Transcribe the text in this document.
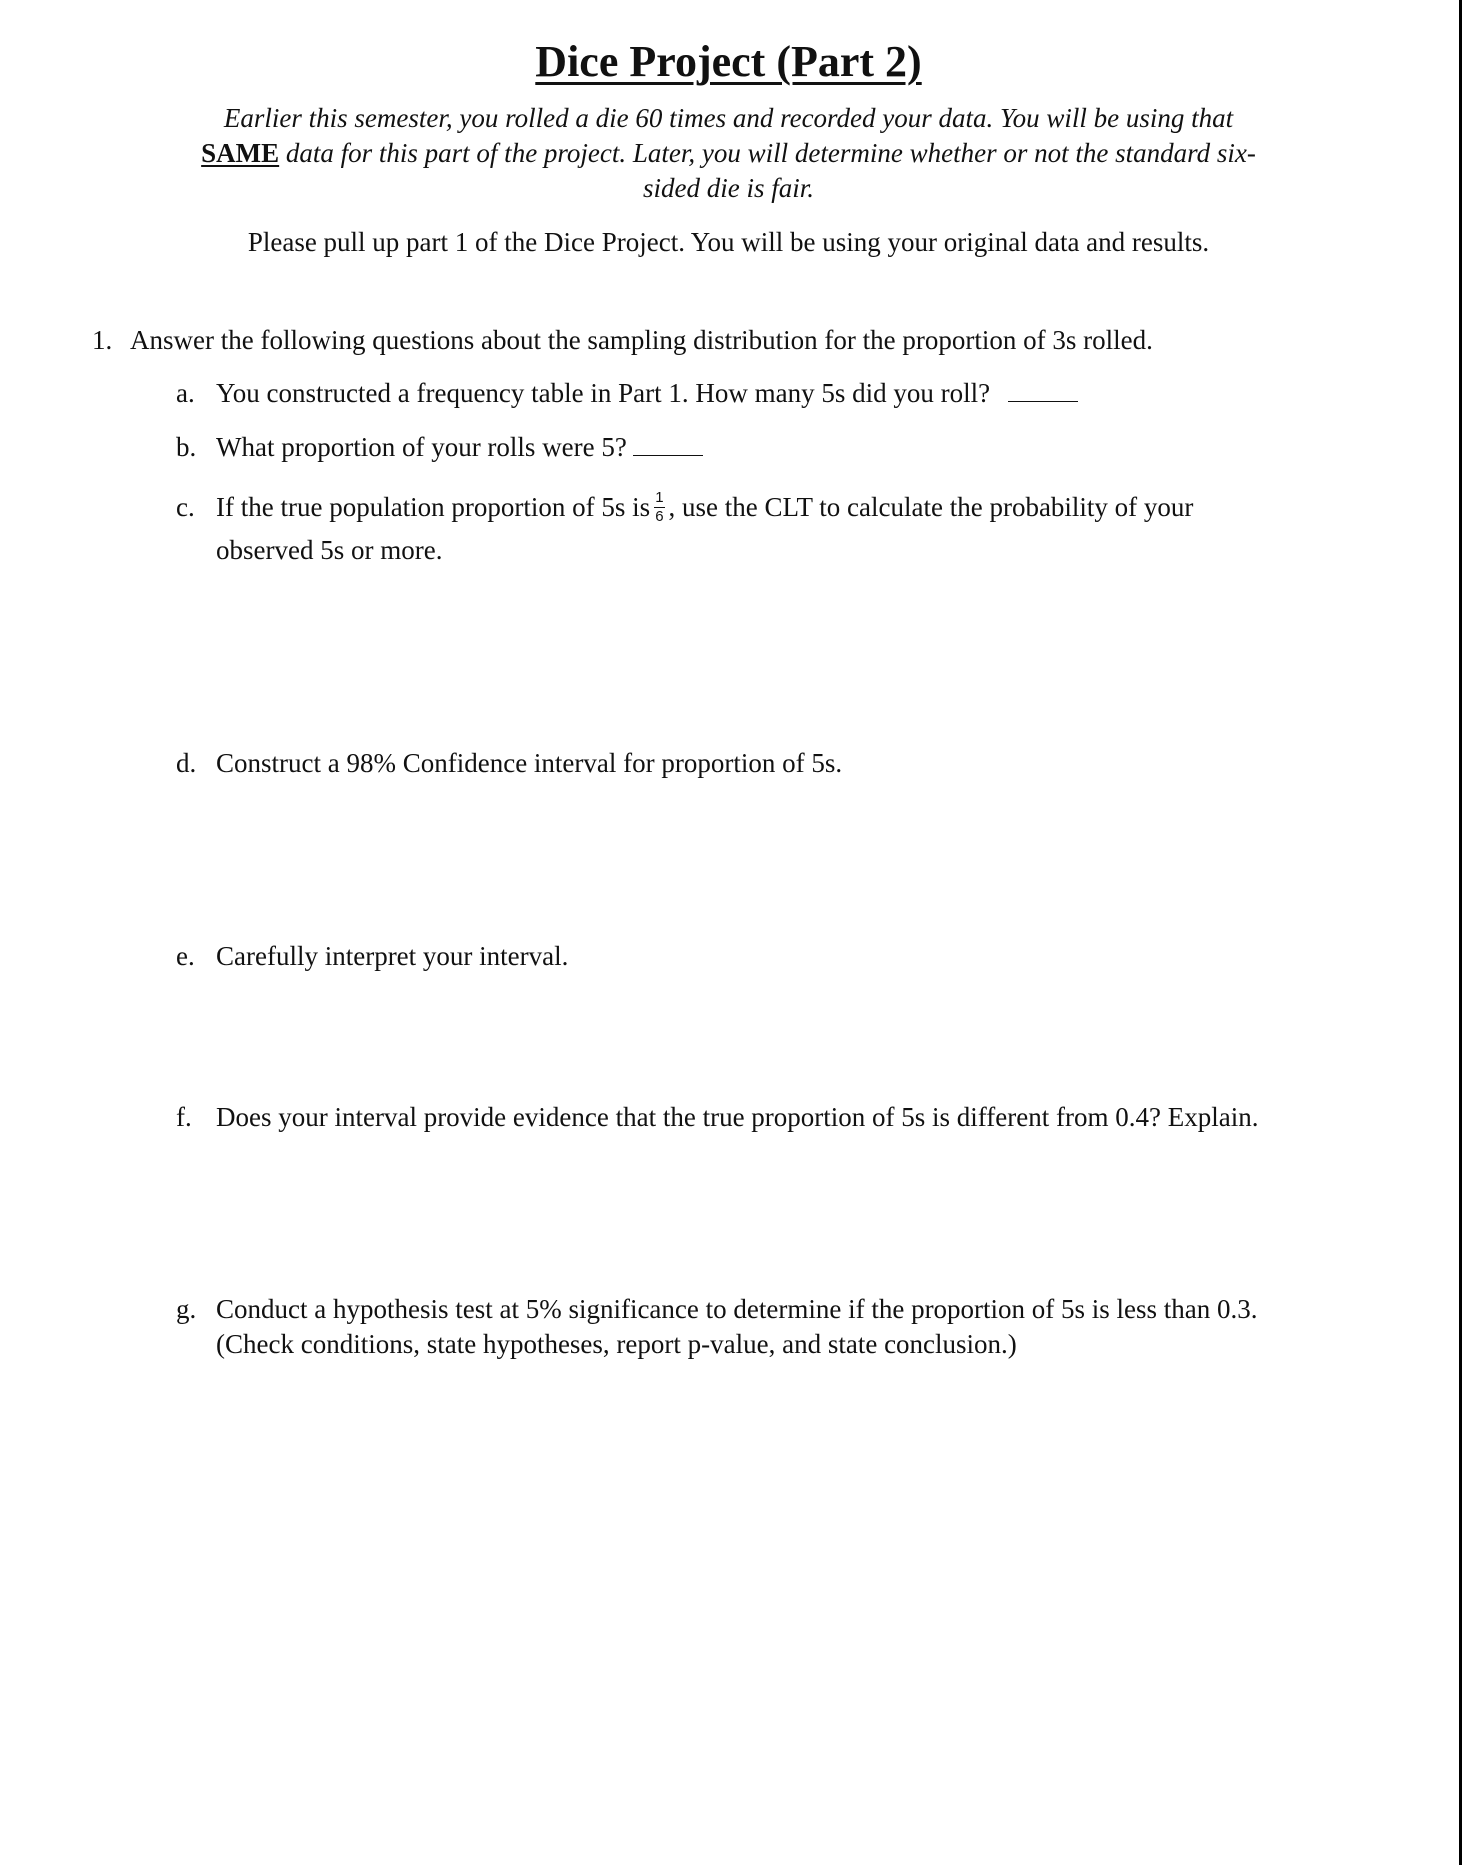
Dice Project (Part 2)
Earlier this semester, you rolled a die 60 times and recorded your data. You will be using that SAME data for this part of the project. Later, you will determine whether or not the standard six-sided die is fair.
Please pull up part 1 of the Dice Project. You will be using your original data and results.
1. Answer the following questions about the sampling distribution for the proportion of 3s rolled.
a. You constructed a frequency table in Part 1. How many 5s did you roll?
b. What proportion of your rolls were 5?
c. If the true population proportion of 5s is $\frac{1}{6}$ , use the CLT to calculate the probability of your
observed 5s or more.
d. Construct a 98% Confidence interval for proportion of 5s.
e. Carefully interpret your interval.
f. Does your interval provide evidence that the true proportion of 5s is different from 0.4? Explain.
g. Conduct a hypothesis test at 5% significance to determine if the proportion of 5s is less than 0.3.
(Check conditions, state hypotheses, report p-value, and state conclusion.)
